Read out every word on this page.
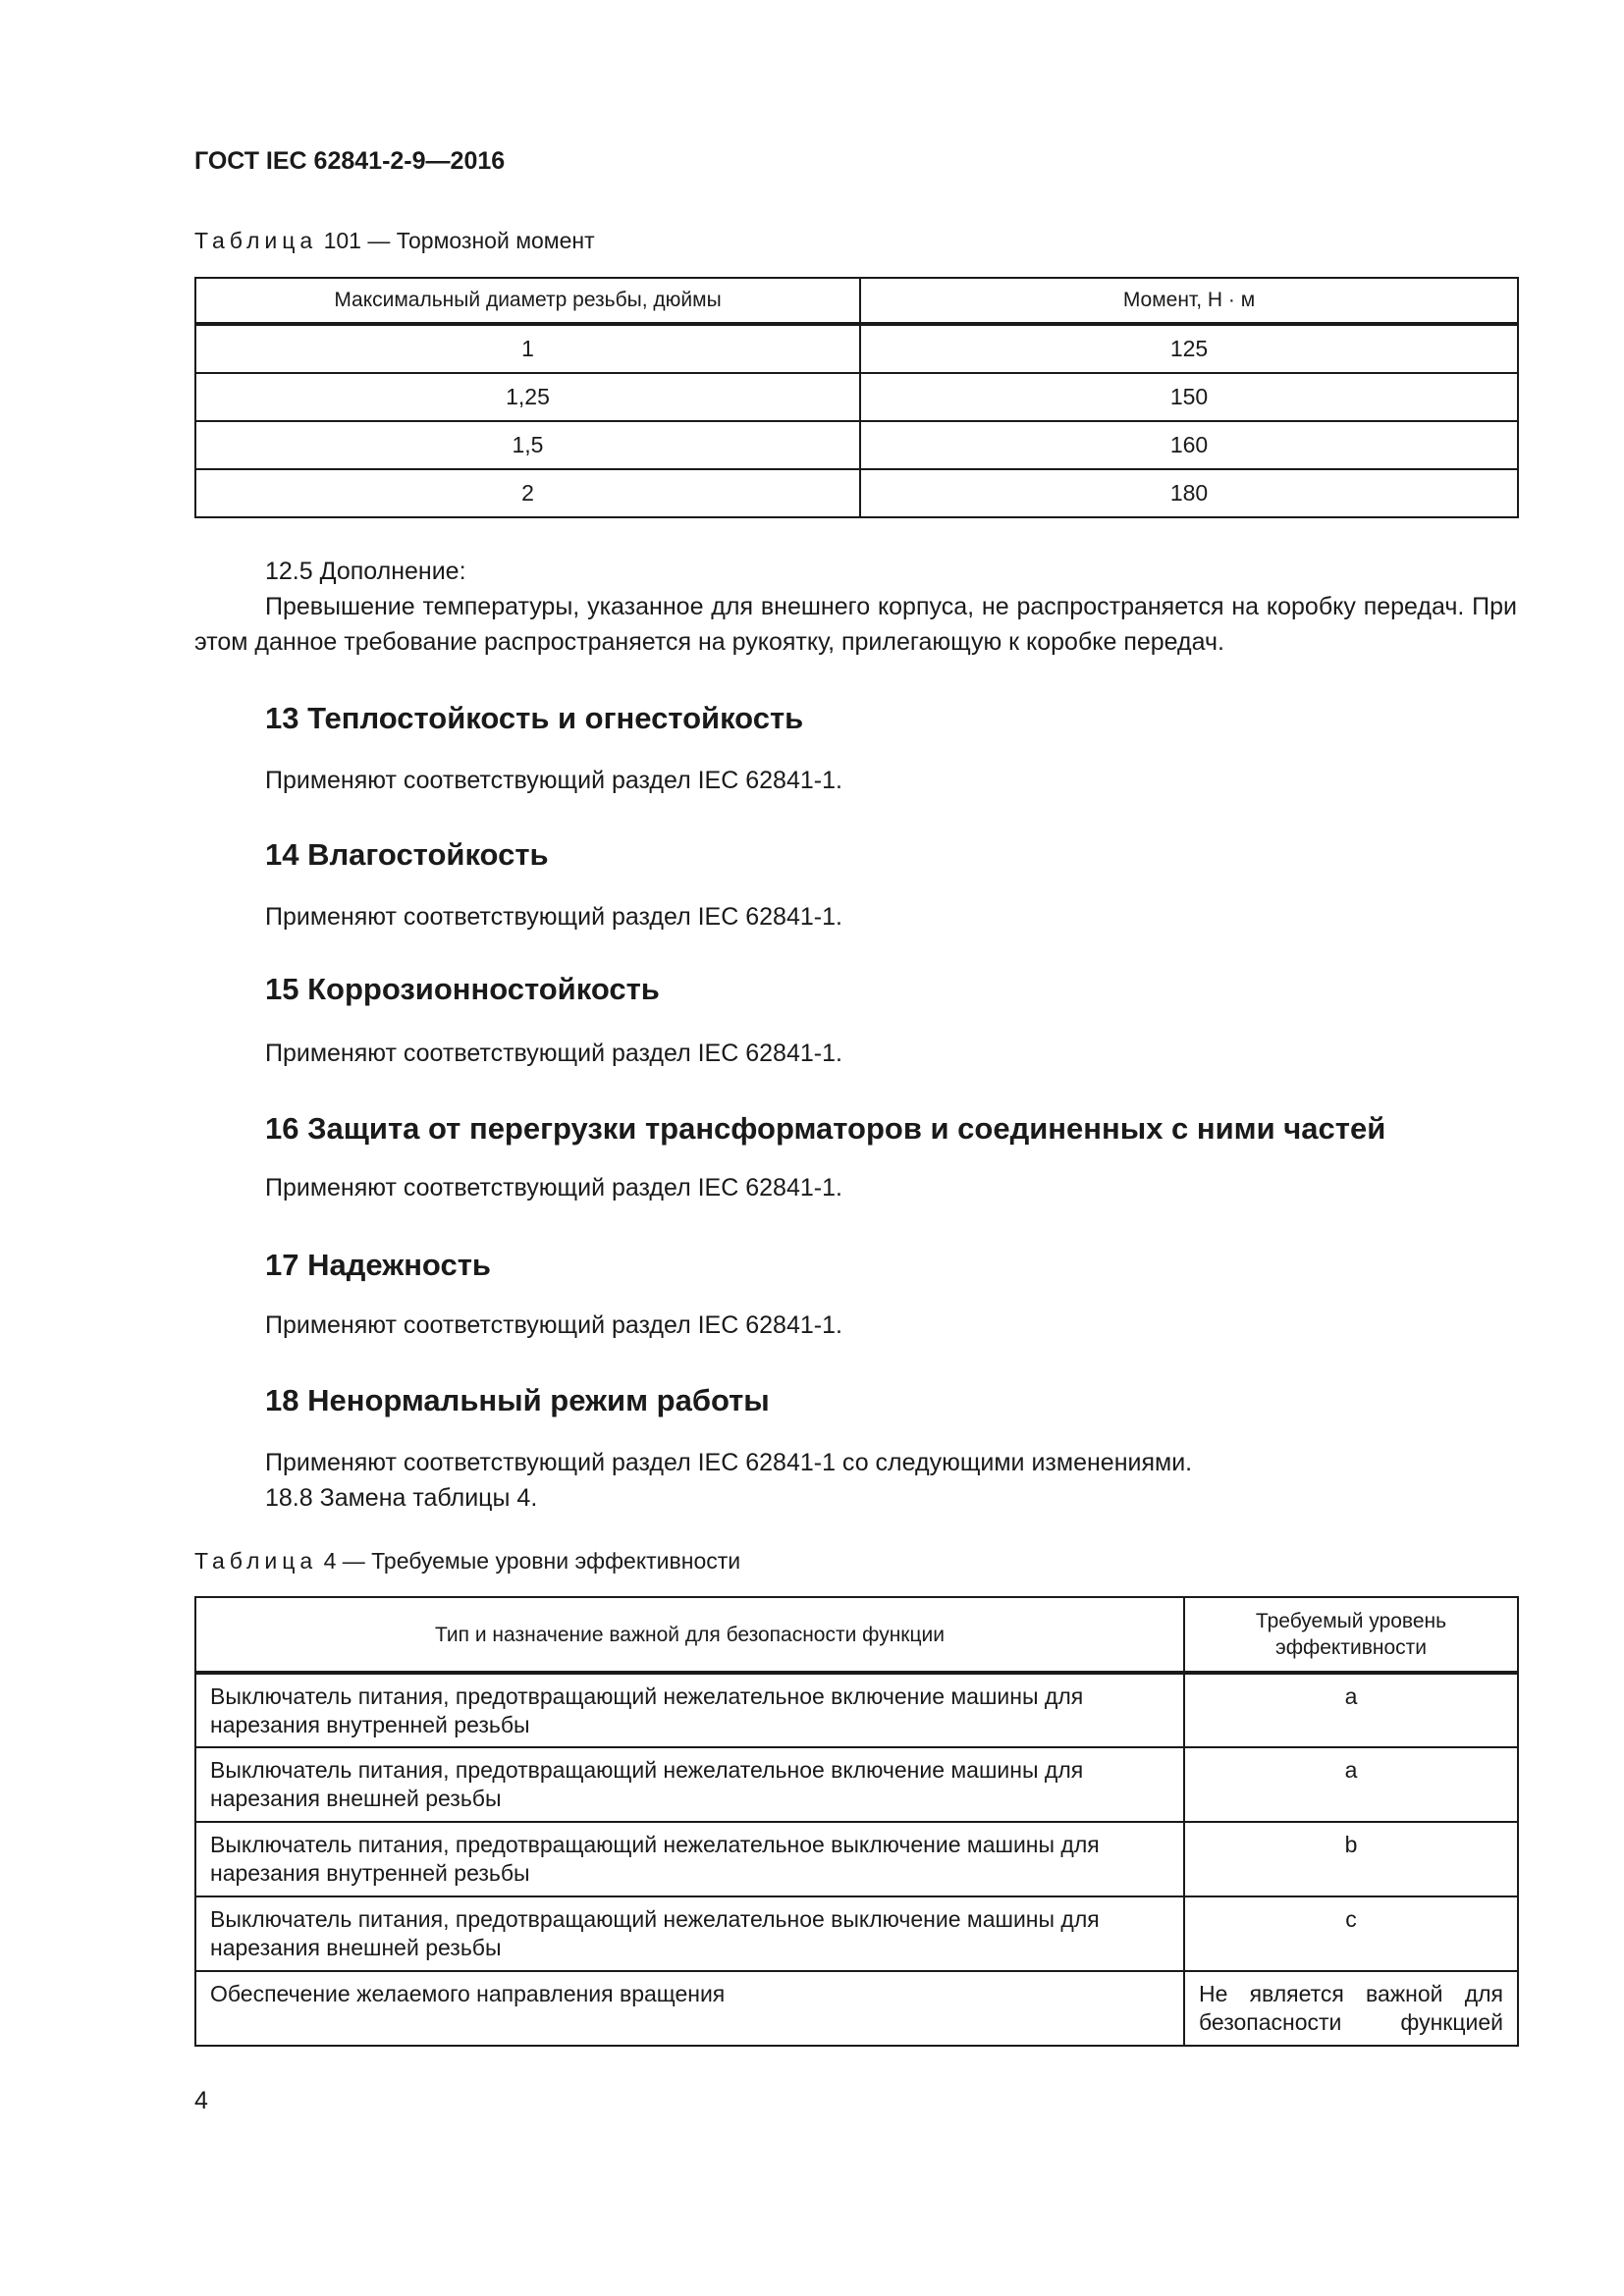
ГОСТ IEC 62841-2-9—2016

Таблица 101 — Тормозной момент

Максимальный диаметр резьбы, дюймы	Момент, Н · м
1	125
1,25	150
1,5	160
2	180

12.5 Дополнение:

Превышение температуры, указанное для внешнего корпуса, не распространяется на коробку передач. При этом данное требование распространяется на рукоятку, прилегающую к коробке передач.

13 Теплостойкость и огнестойкость

Применяют соответствующий раздел IEC 62841-1.

14 Влагостойкость

Применяют соответствующий раздел IEC 62841-1.

15 Коррозионностойкость

Применяют соответствующий раздел IEC 62841-1.

16 Защита от перегрузки трансформаторов и соединенных с ними частей

Применяют соответствующий раздел IEC 62841-1.

17 Надежность

Применяют соответствующий раздел IEC 62841-1.

18 Ненормальный режим работы

Применяют соответствующий раздел IEC 62841-1 со следующими изменениями.

18.8 Замена таблицы 4.

Таблица 4 — Требуемые уровни эффективности

Тип и назначение важной для безопасности функции	Требуемый уровень эффективности
Выключатель питания, предотвращающий нежелательное включение машины для нарезания внутренней резьбы	a
Выключатель питания, предотвращающий нежелательное включение машины для нарезания внешней резьбы	a
Выключатель питания, предотвращающий нежелательное выключение машины для нарезания внутренней резьбы	b
Выключатель питания, предотвращающий нежелательное выключение машины для нарезания внешней резьбы	c
Обеспечение желаемого направления вращения	Не является важной для безопасности функцией

4
